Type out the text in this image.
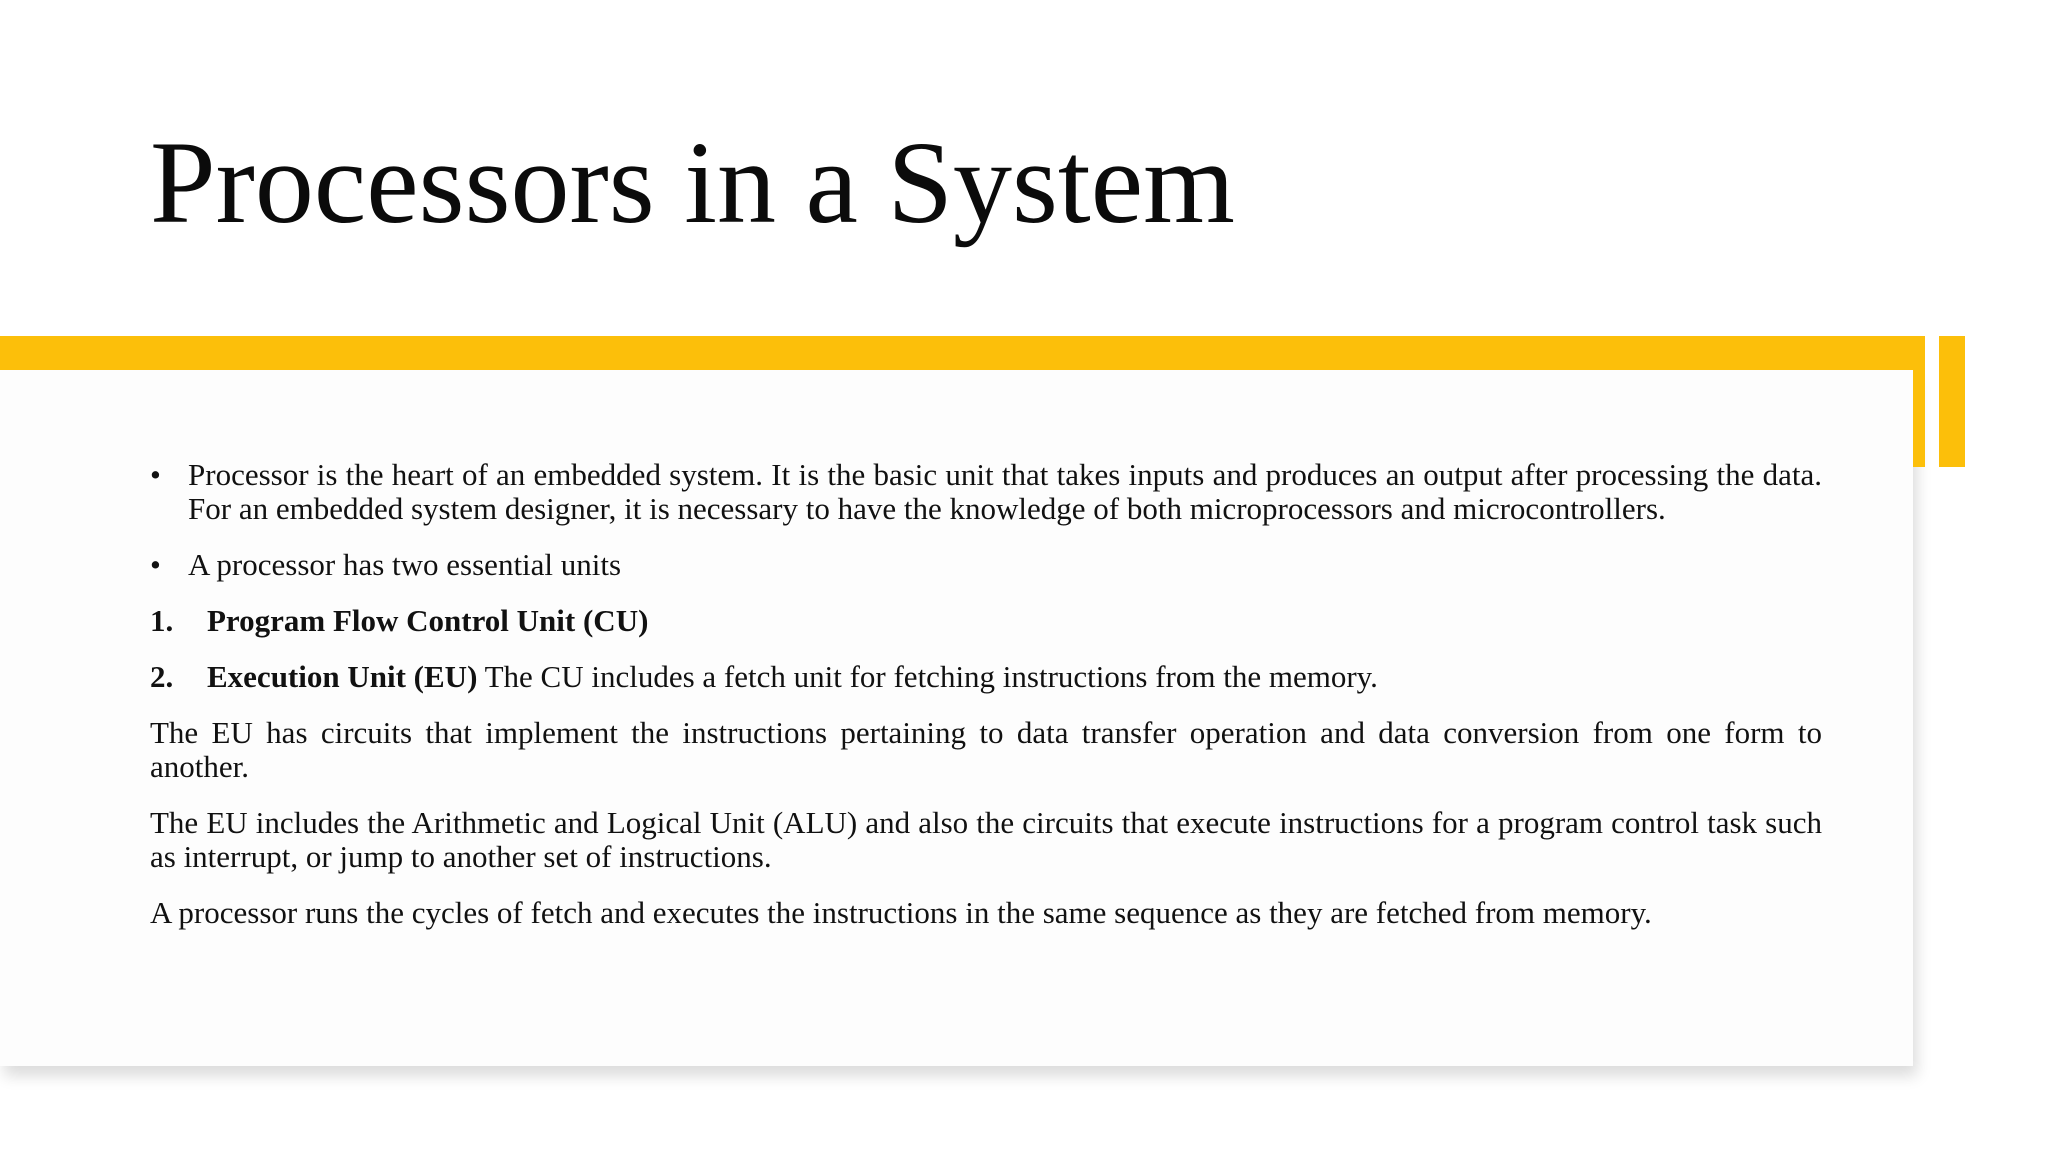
Processors in a System

• Processor is the heart of an embedded system. It is the basic unit that takes inputs and produces an output after processing the data. For an embedded system designer, it is necessary to have the knowledge of both microprocessors and microcontrollers.

• A processor has two essential units

1.	Program Flow Control Unit (CU)

2.	Execution Unit (EU) The CU includes a fetch unit for fetching instructions from the memory.

The EU has circuits that implement the instructions pertaining to data transfer operation and data conversion from one form to another.

The EU includes the Arithmetic and Logical Unit (ALU) and also the circuits that execute instructions for a program control task such as interrupt, or jump to another set of instructions.

A processor runs the cycles of fetch and executes the instructions in the same sequence as they are fetched from memory.
